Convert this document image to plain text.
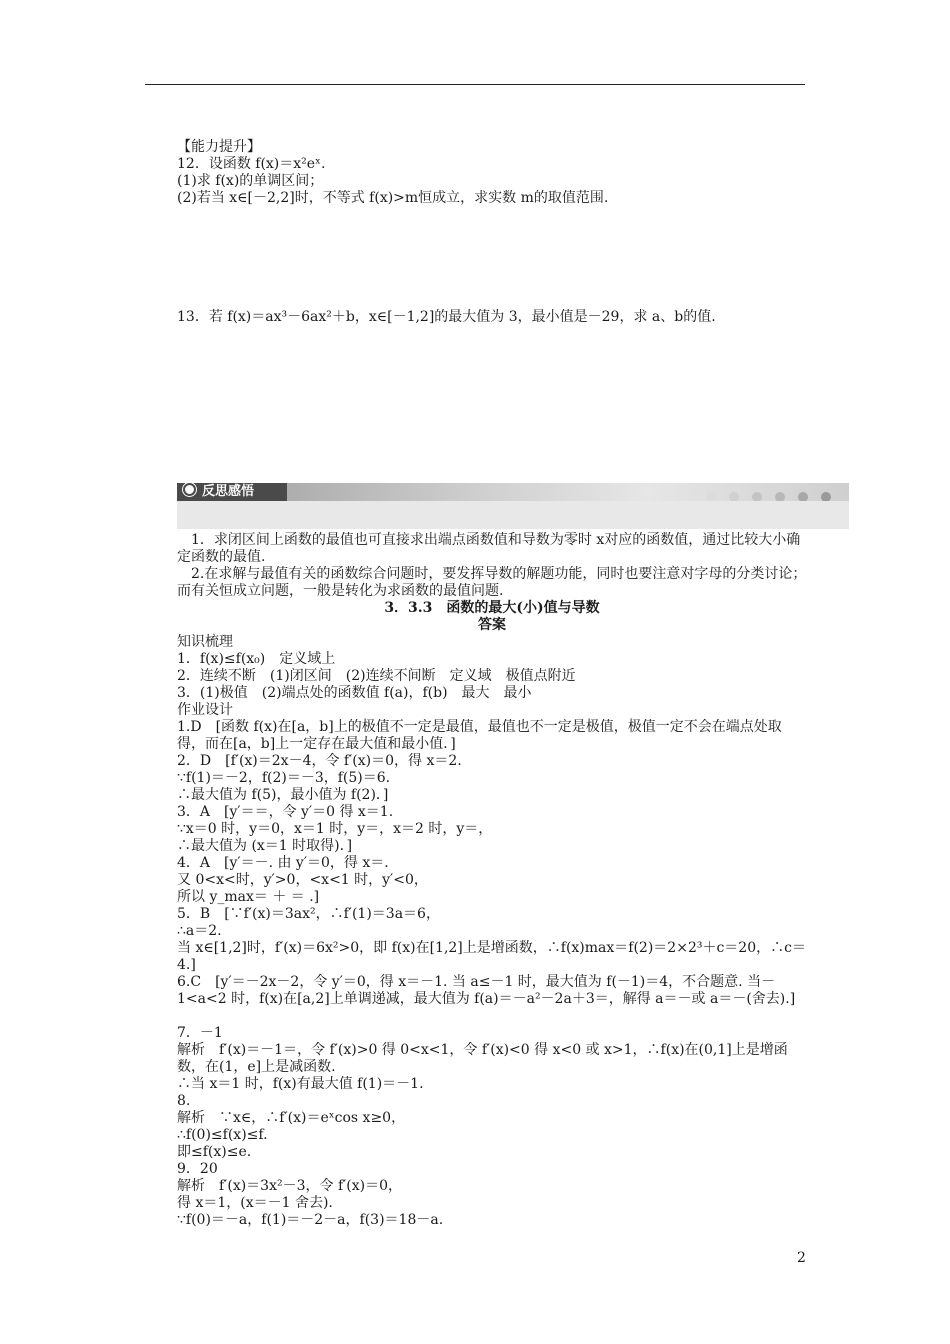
【能力提升】
12．设函数 f(x)＝x²eˣ.
(1)求 f(x)的单调区间；
(2)若当 x∈[－2,2]时，不等式 f(x)>m恒成立，求实数 m的取值范围.
13．若 f(x)＝ax³－6ax²＋b，x∈[－1,2]的最大值为 3，最小值是－29，求 a、b的值.
反思感悟

1．求闭区间上函数的最值也可直接求出端点函数值和导数为零时 x对应的函数值，通过比较大小确定函数的最值.
2.在求解与最值有关的函数综合问题时，要发挥导数的解题功能，同时也要注意对字母的分类讨论；而有关恒成立问题，一般是转化为求函数的最值问题.
3．3.3　函数的最大(小)值与导数
答案
知识梳理
1．f(x)≤f(x₀)　定义域上
2．连续不断　(1)闭区间　(2)连续不间断　定义域　极值点附近
3．(1)极值　(2)端点处的函数值 f(a)，f(b)　最大　最小
作业设计
1.D　[函数 f(x)在[a，b]上的极值不一定是最值，最值也不一定是极值，极值一定不会在端点处取得，而在[a，b]上一定存在最大值和最小值．]
2．D　[f′(x)＝2x－4，令 f′(x)＝0，得 x＝2.
∵f(1)＝－2，f(2)＝－3，f(5)＝6.
∴最大值为 f(5)，最小值为 f(2)．]
3．A　[y′＝＝，令 y′＝0 得 x＝1.
∵x＝0 时，y＝0，x＝1 时，y＝，x＝2 时，y＝，
∴最大值为 (x＝1 时取得)．]
4．A　[y′＝－. 由 y′＝0，得 x＝.
又 0<x<时，y′>0，<x<1 时，y′<0，
所以 y_max＝ ＋ ＝ .]
5．B　[∵f′(x)＝3ax²，∴f′(1)＝3a＝6，
∴a＝2.
当 x∈[1,2]时，f′(x)＝6x²>0，即 f(x)在[1,2]上是增函数，∴f(x)max＝f(2)＝2×2³＋c＝20，∴c＝4.]
6.C　[y′＝－2x－2，令 y′＝0，得 x＝－1. 当 a≤－1 时，最大值为 f(－1)＝4，不合题意. 当－1<a<2 时，f(x)在[a,2]上单调递减，最大值为 f(a)＝－a²－2a＋3＝，解得 a＝－或 a＝－(舍去).]
7．－1
解析　f′(x)＝－1＝，令 f′(x)>0 得 0<x<1，令 f′(x)<0 得 x<0 或 x>1，∴f(x)在(0,1]上是增函数，在(1，e]上是减函数.
∴当 x＝1 时，f(x)有最大值 f(1)＝－1.
8.
解析　∵x∈，∴f′(x)＝eˣcos x≥0，
∴f(0)≤f(x)≤f.
即≤f(x)≤e.
9．20
解析　f′(x)＝3x²－3，令 f′(x)＝0，
得 x＝1，(x＝－1 舍去).
∵f(0)＝－a，f(1)＝－2－a，f(3)＝18－a.
2
